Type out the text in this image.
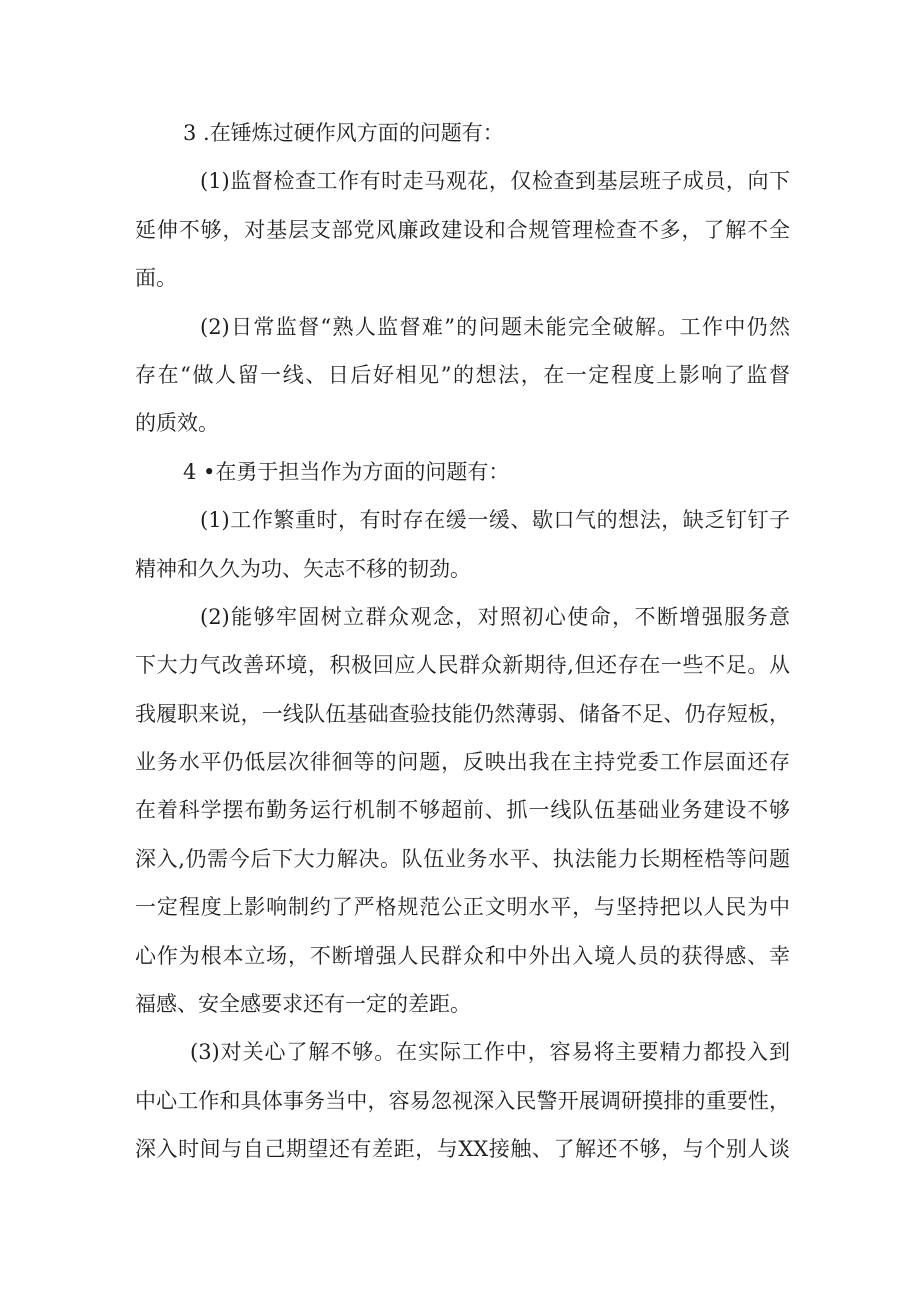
3 .在锤炼过硬作风方面的问题有：
(1)监督检查工作有时走马观花，仅检查到基层班子成员，向下
延伸不够，对基层支部党风廉政建设和合规管理检查不多，了解不全
面。
(2)日常监督“熟人监督难”的问题未能完全破解。工作中仍然
存在“做人留一线、日后好相见”的想法，在一定程度上影响了监督
的质效。
4 •在勇于担当作为方面的问题有：
(1)工作繁重时，有时存在缓一缓、歇口气的想法，缺乏钉钉子
精神和久久为功、矢志不移的韧劲。
(2)能够牢固树立群众观念，对照初心使命，不断增强服务意
下大力气改善环境，积极回应人民群众新期待,但还存在一些不足。从
我履职来说，一线队伍基础查验技能仍然薄弱、储备不足、仍存短板，
业务水平仍低层次徘徊等的问题，反映出我在主持党委工作层面还存
在着科学摆布勤务运行机制不够超前、抓一线队伍基础业务建设不够
深入,仍需今后下大力解决。队伍业务水平、执法能力长期桎梏等问题
一定程度上影响制约了严格规范公正文明水平，与坚持把以人民为中
心作为根本立场，不断增强人民群众和中外出入境人员的获得感、幸
福感、安全感要求还有一定的差距。
(3)对关心了解不够。在实际工作中，容易将主要精力都投入到
中心工作和具体事务当中，容易忽视深入民警开展调研摸排的重要性，
深入时间与自己期望还有差距，与XX接触、了解还不够，与个别人谈
